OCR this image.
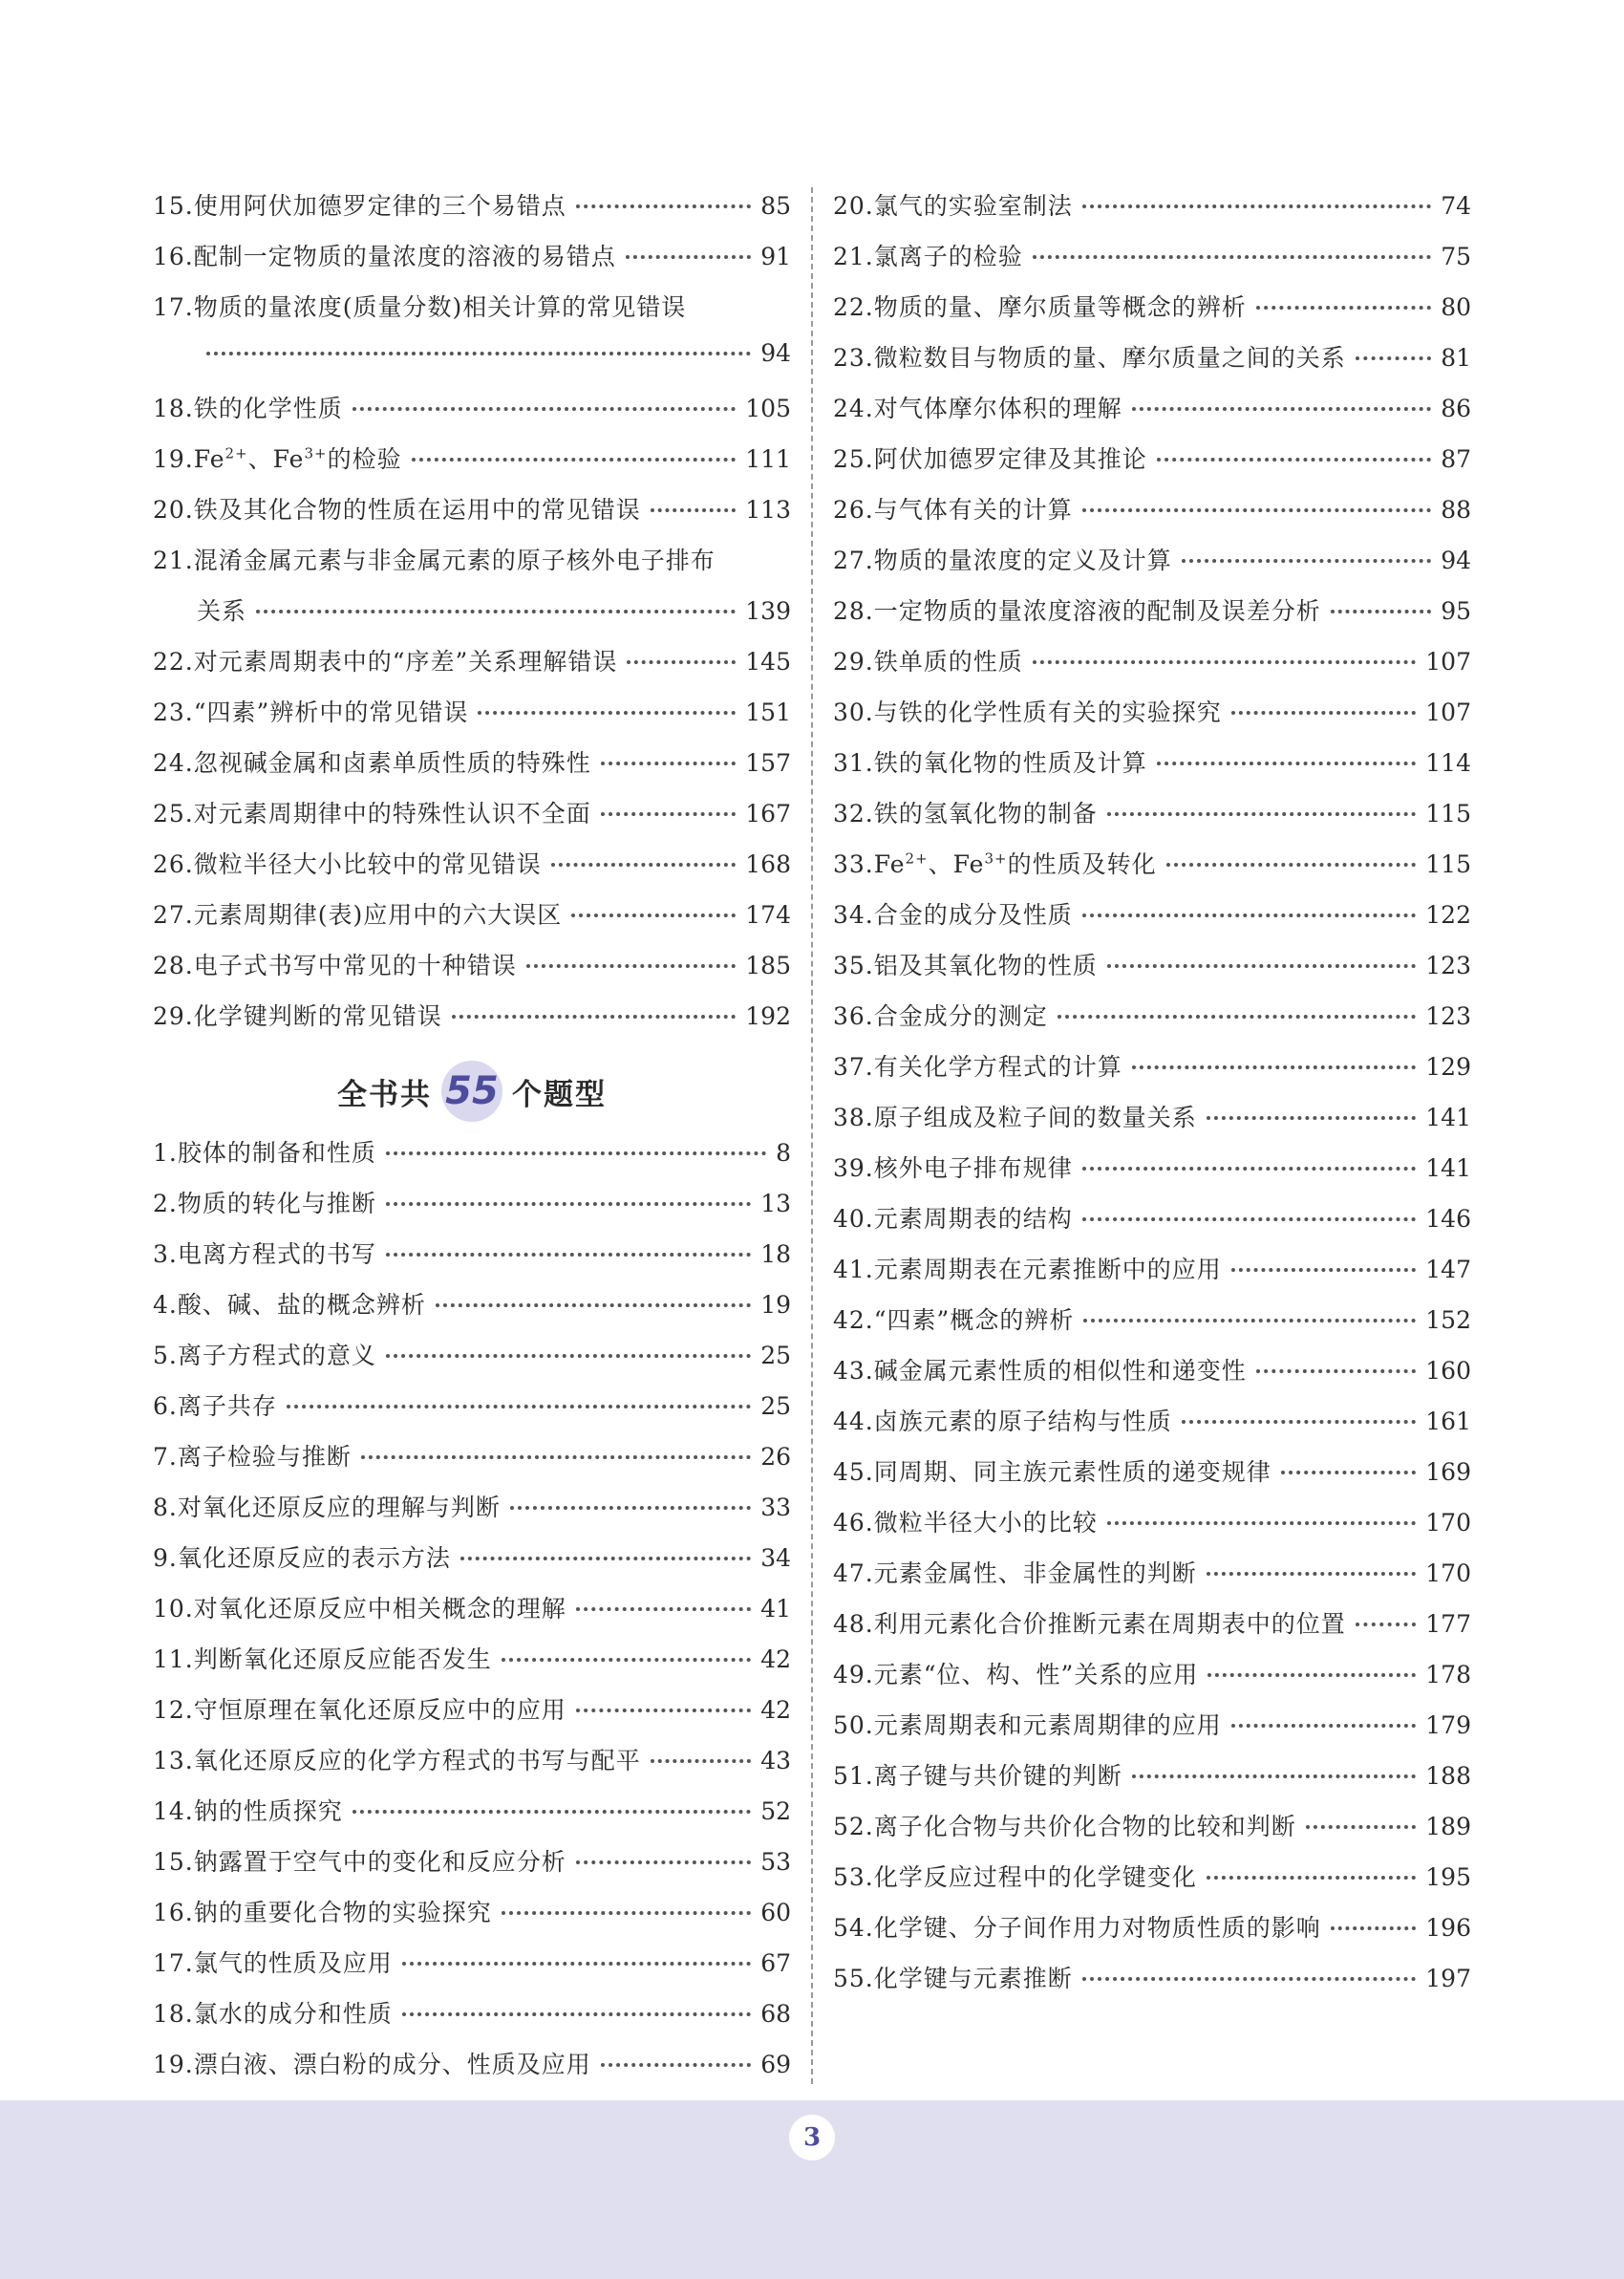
15. 使用阿伏加德罗定律的三个易错点	85
16. 配制一定物质的量浓度的溶液的易错点	91
17. 物质的量浓度(质量分数)相关计算的常见错误
94
18. 铁的化学性质	105
19. $Fe^{2+}$、$Fe^{3+}$的检验	111
20. 铁及其化合物的性质在运用中的常见错误	113
21. 混淆金属元素与非金属元素的原子核外电子排布
关系	139
22. 对元素周期表中的“序差”关系理解错误	145
23. “四素”辨析中的常见错误	151
24. 忽视碱金属和卤素单质性质的特殊性	157
25. 对元素周期律中的特殊性认识不全面	167
26. 微粒半径大小比较中的常见错误	168
27. 元素周期律(表)应用中的六大误区	174
28. 电子式书写中常见的十种错误	185
29. 化学键判断的常见错误	192
全书共 55 个题型
1. 胶体的制备和性质	8
2. 物质的转化与推断	13
3. 电离方程式的书写	18
4. 酸、碱、盐的概念辨析	19
5. 离子方程式的意义	25
6. 离子共存	25
7. 离子检验与推断	26
8. 对氧化还原反应的理解与判断	33
9. 氧化还原反应的表示方法	34
10. 对氧化还原反应中相关概念的理解	41
11. 判断氧化还原反应能否发生	42
12. 守恒原理在氧化还原反应中的应用	42
13. 氧化还原反应的化学方程式的书写与配平	43
14. 钠的性质探究	52
15. 钠露置于空气中的变化和反应分析	53
16. 钠的重要化合物的实验探究	60
17. 氯气的性质及应用	67
18. 氯水的成分和性质	68
19. 漂白液、漂白粉的成分、性质及应用	69
20. 氯气的实验室制法	74
21. 氯离子的检验	75
22. 物质的量、摩尔质量等概念的辨析	80
23. 微粒数目与物质的量、摩尔质量之间的关系	81
24. 对气体摩尔体积的理解	86
25. 阿伏加德罗定律及其推论	87
26. 与气体有关的计算	88
27. 物质的量浓度的定义及计算	94
28. 一定物质的量浓度溶液的配制及误差分析	95
29. 铁单质的性质	107
30. 与铁的化学性质有关的实验探究	107
31. 铁的氧化物的性质及计算	114
32. 铁的氢氧化物的制备	115
33. $Fe^{2+}$、$Fe^{3+}$的性质及转化	115
34. 合金的成分及性质	122
35. 铝及其氧化物的性质	123
36. 合金成分的测定	123
37. 有关化学方程式的计算	129
38. 原子组成及粒子间的数量关系	141
39. 核外电子排布规律	141
40. 元素周期表的结构	146
41. 元素周期表在元素推断中的应用	147
42. “四素”概念的辨析	152
43. 碱金属元素性质的相似性和递变性	160
44. 卤族元素的原子结构与性质	161
45. 同周期、同主族元素性质的递变规律	169
46. 微粒半径大小的比较	170
47. 元素金属性、非金属性的判断	170
48. 利用元素化合价推断元素在周期表中的位置	177
49. 元素“位、构、性”关系的应用	178
50. 元素周期表和元素周期律的应用	179
51. 离子键与共价键的判断	188
52. 离子化合物与共价化合物的比较和判断	189
53. 化学反应过程中的化学键变化	195
54. 化学键、分子间作用力对物质性质的影响	196
55. 化学键与元素推断	197
3
